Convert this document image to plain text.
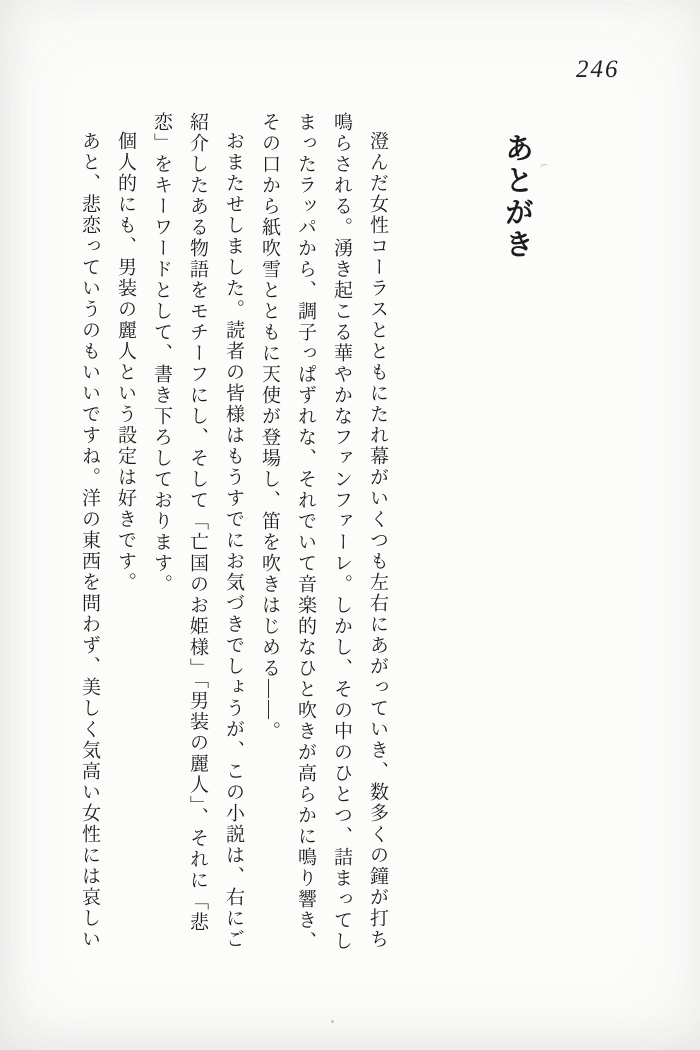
246
あとがき

澄んだ女性コーラスとともにたれ幕がいくつも左右にあがっていき、数多くの鐘が打ち鳴らされる。湧き起こる華やかなファンファーレ。しかし、その中のひとつ、詰まってしまったラッパから、調子っぱずれな、それでいて音楽的なひと吹きが高らかに鳴り響き、その口から紙吹雪とともに天使が登場し、笛を吹きはじめる――。

おまたせしました。読者の皆様はもうすでにお気づきでしょうが、この小説は、右にご紹介したある物語をモチーフにし、そして「亡国のお姫様」「男装の麗人」、それに「悲恋」をキーワードとして、書き下ろしております。

個人的にも、男装の麗人という設定は好きです。

あと、悲恋っていうのもいいですね。洋の東西を問わず、美しく気高い女性には哀しい
